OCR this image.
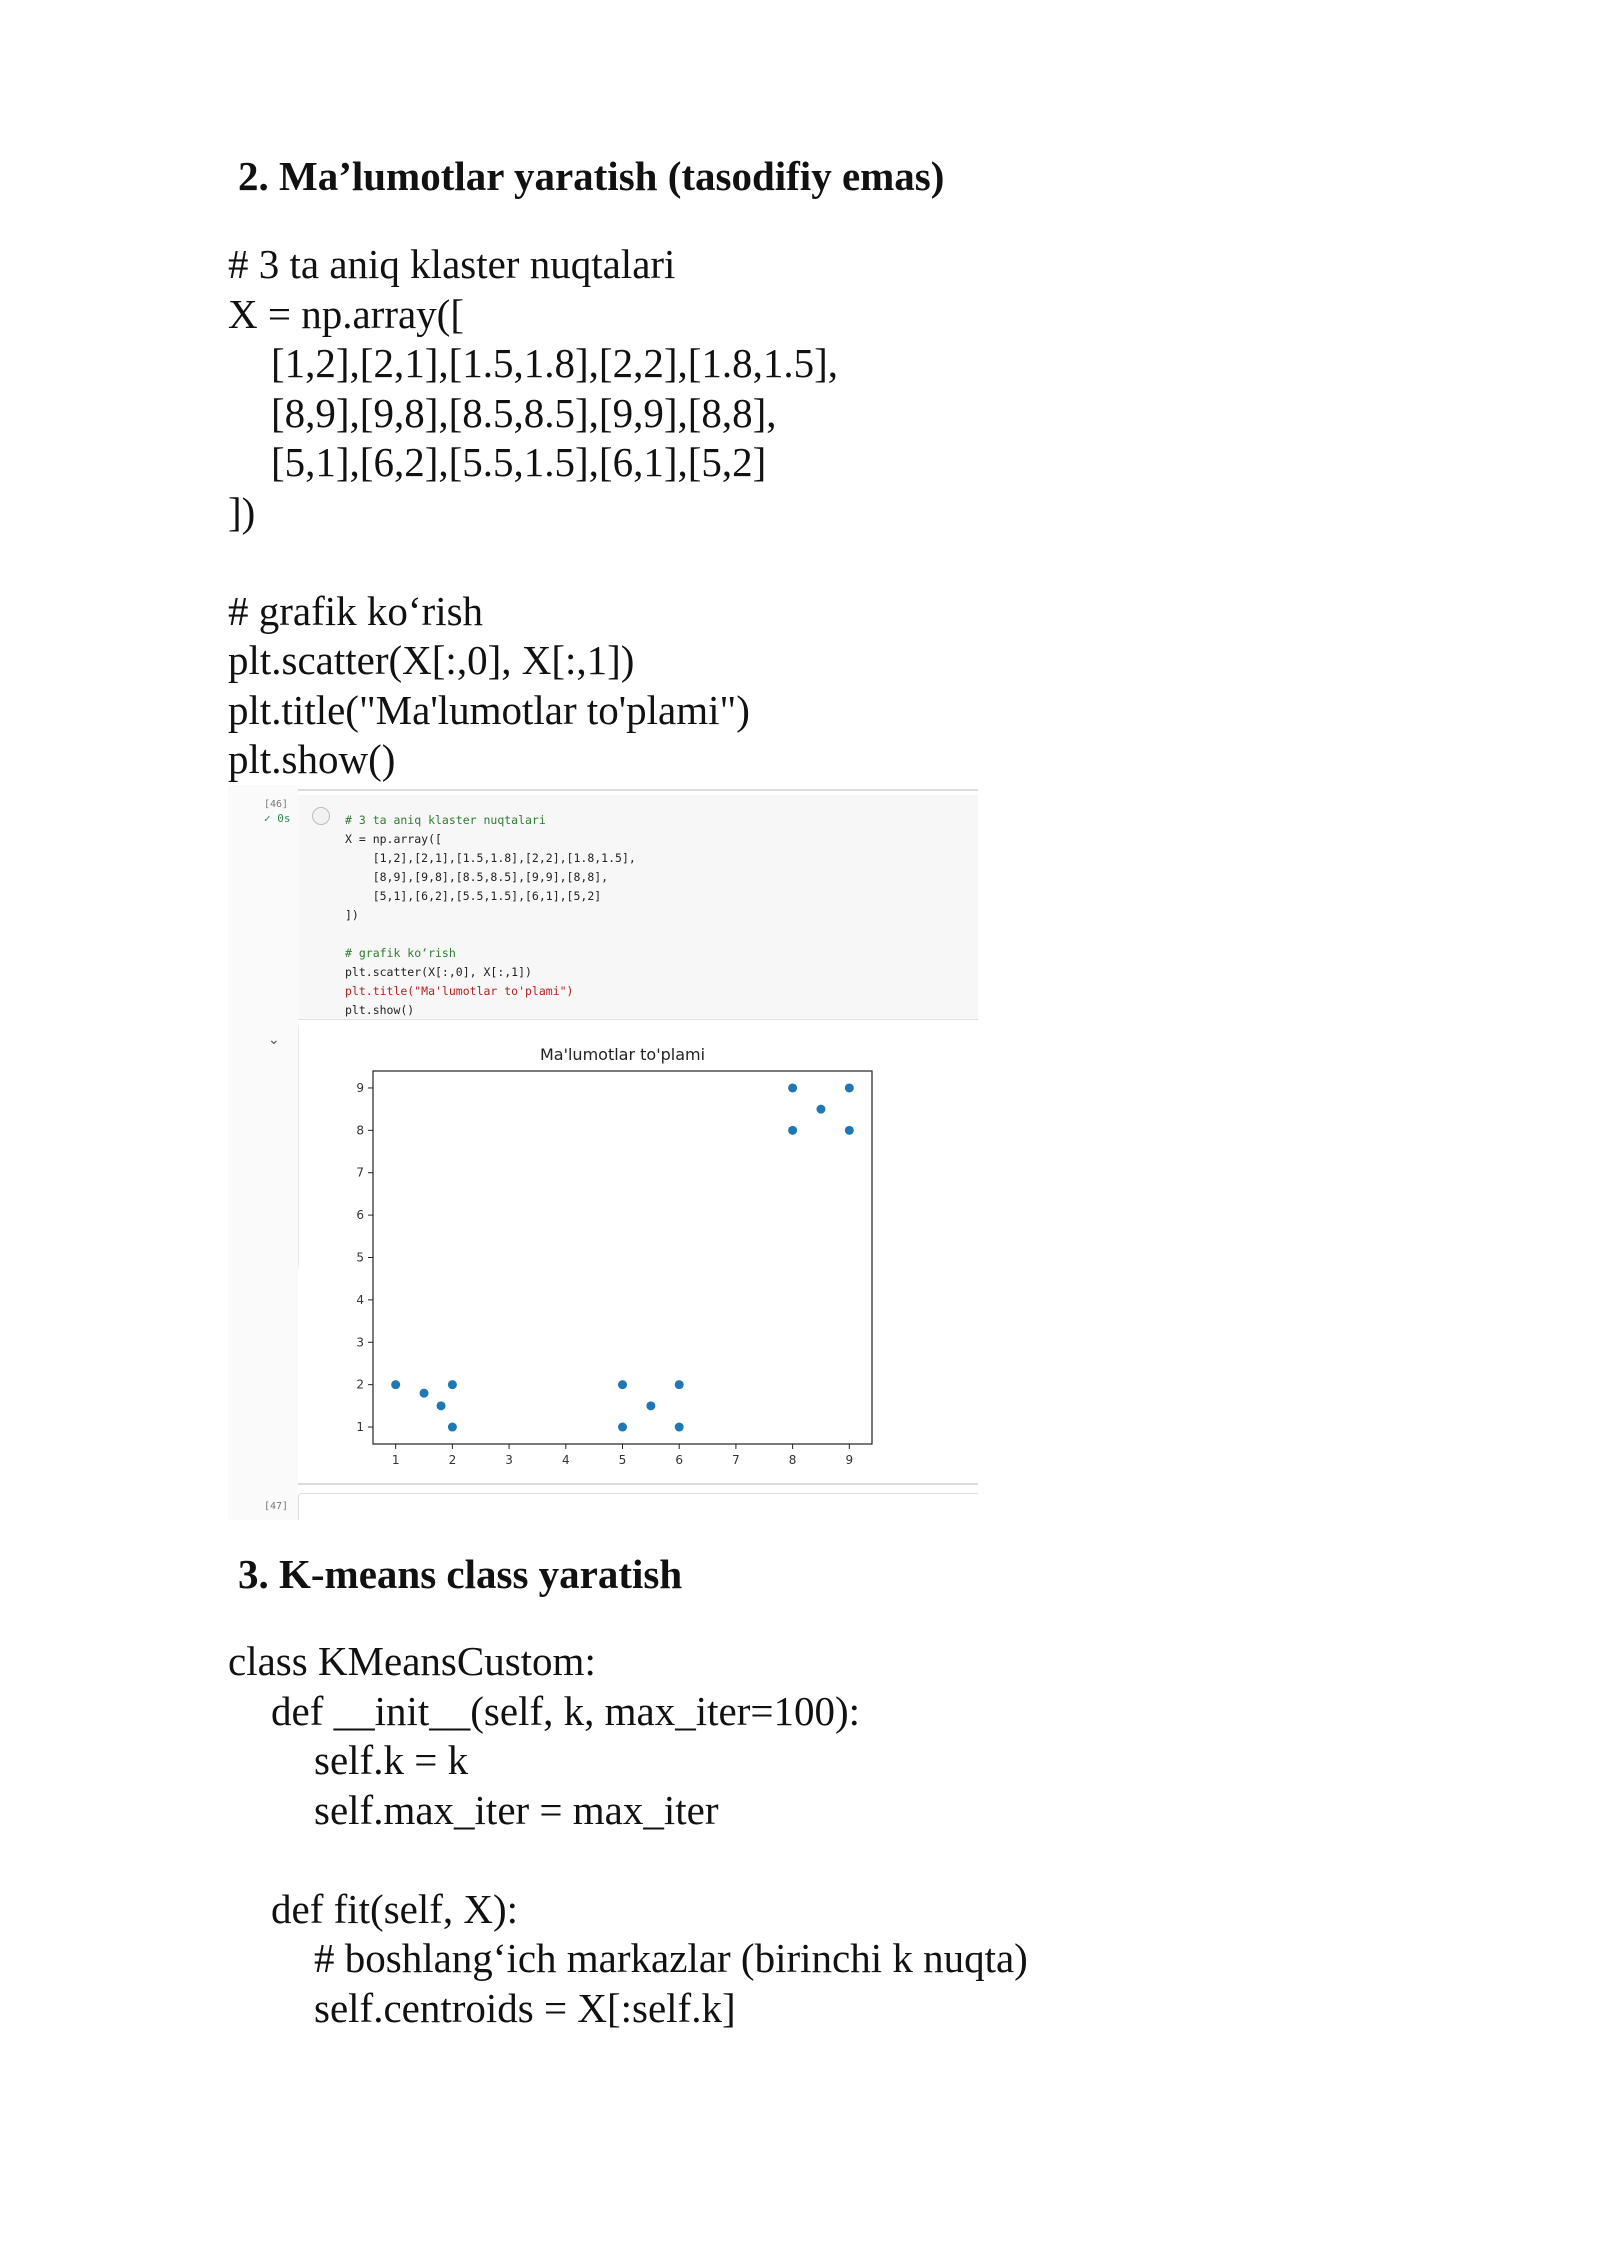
2. Ma’lumotlar yaratish (tasodifiy emas)
# 3 ta aniq klaster nuqtalari
X = np.array([
[1,2],[2,1],[1.5,1.8],[2,2],[1.8,1.5],
[8,9],[9,8],[8.5,8.5],[9,9],[8,8],
[5,1],[6,2],[5.5,1.5],[6,1],[5,2]
])
# grafik ko‘rish
plt.scatter(X[:,0], X[:,1])
plt.title("Ma'lumotlar to'plami")
plt.show()
[46]
✓ 0s	# 3 ta aniq klaster nuqtalari
X = np.array([
[1,2],[2,1],[1.5,1.8],[2,2],[1.8,1.5],
[8,9],[9,8],[8.5,8.5],[9,9],[8,8],
[5,1],[6,2],[5.5,1.5],[6,1],[5,2]
])
# grafik ko‘rish
plt.scatter(X[:,0], X[:,1])
plt.title("Ma'lumotlar to'plami")
plt.show()
⌄
Ma'lumotlar to'plami
1	2	3	4	5	6	7	8	9
1
2
3
4
5
6
7
8
9
[47]
3. K-means class yaratish
class KMeansCustom:
def __init__(self, k, max_iter=100):
self.k = k
self.max_iter = max_iter
def fit(self, X):
# boshlang‘ich markazlar (birinchi k nuqta)
self.centroids = X[:self.k]
